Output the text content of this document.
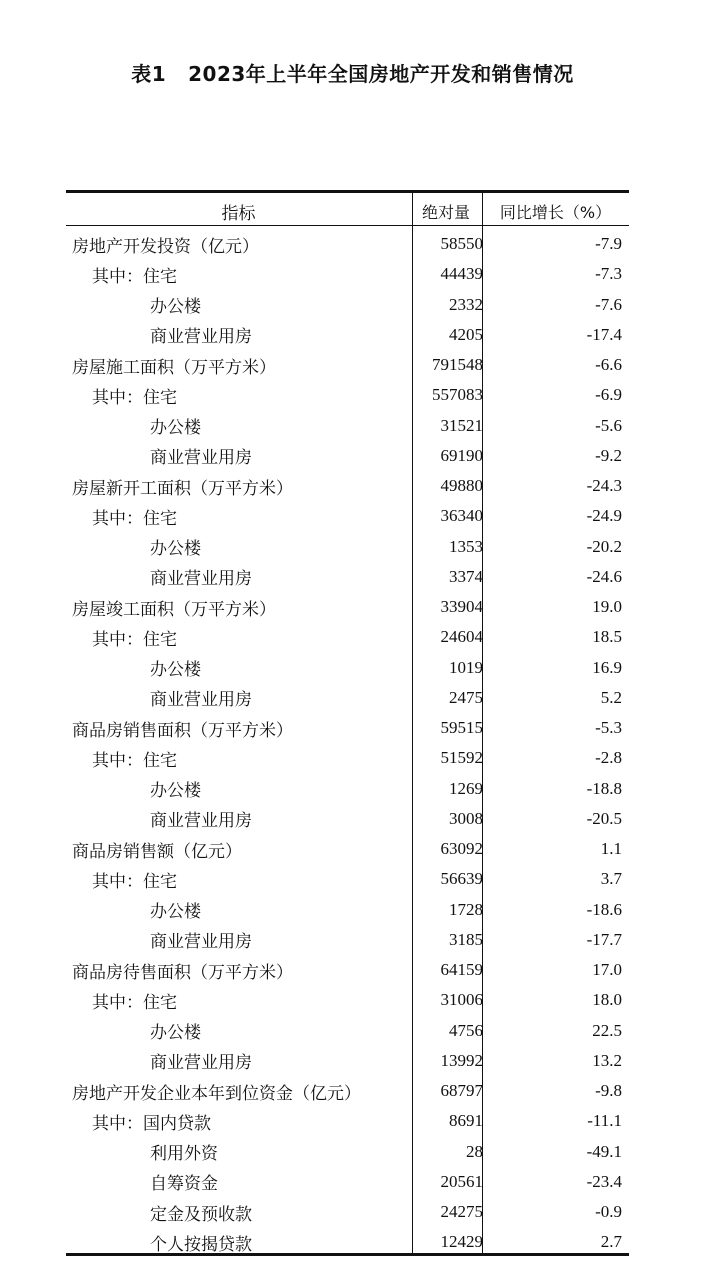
表1 2023年上半年全国房地产开发和销售情况
指标	绝对量	同比增长（%）
房地产开发投资（亿元）	58550	-7.9
其中：住宅	44439	-7.3
办公楼	2332	-7.6
商业营业用房	4205	-17.4
房屋施工面积（万平方米）	791548	-6.6
其中：住宅	557083	-6.9
办公楼	31521	-5.6
商业营业用房	69190	-9.2
房屋新开工面积（万平方米）	49880	-24.3
其中：住宅	36340	-24.9
办公楼	1353	-20.2
商业营业用房	3374	-24.6
房屋竣工面积（万平方米）	33904	19.0
其中：住宅	24604	18.5
办公楼	1019	16.9
商业营业用房	2475	5.2
商品房销售面积（万平方米）	59515	-5.3
其中：住宅	51592	-2.8
办公楼	1269	-18.8
商业营业用房	3008	-20.5
商品房销售额（亿元）	63092	1.1
其中：住宅	56639	3.7
办公楼	1728	-18.6
商业营业用房	3185	-17.7
商品房待售面积（万平方米）	64159	17.0
其中：住宅	31006	18.0
办公楼	4756	22.5
商业营业用房	13992	13.2
房地产开发企业本年到位资金（亿元）	68797	-9.8
其中：国内贷款	8691	-11.1
利用外资	28	-49.1
自筹资金	20561	-23.4
定金及预收款	24275	-0.9
个人按揭贷款	12429	2.7
